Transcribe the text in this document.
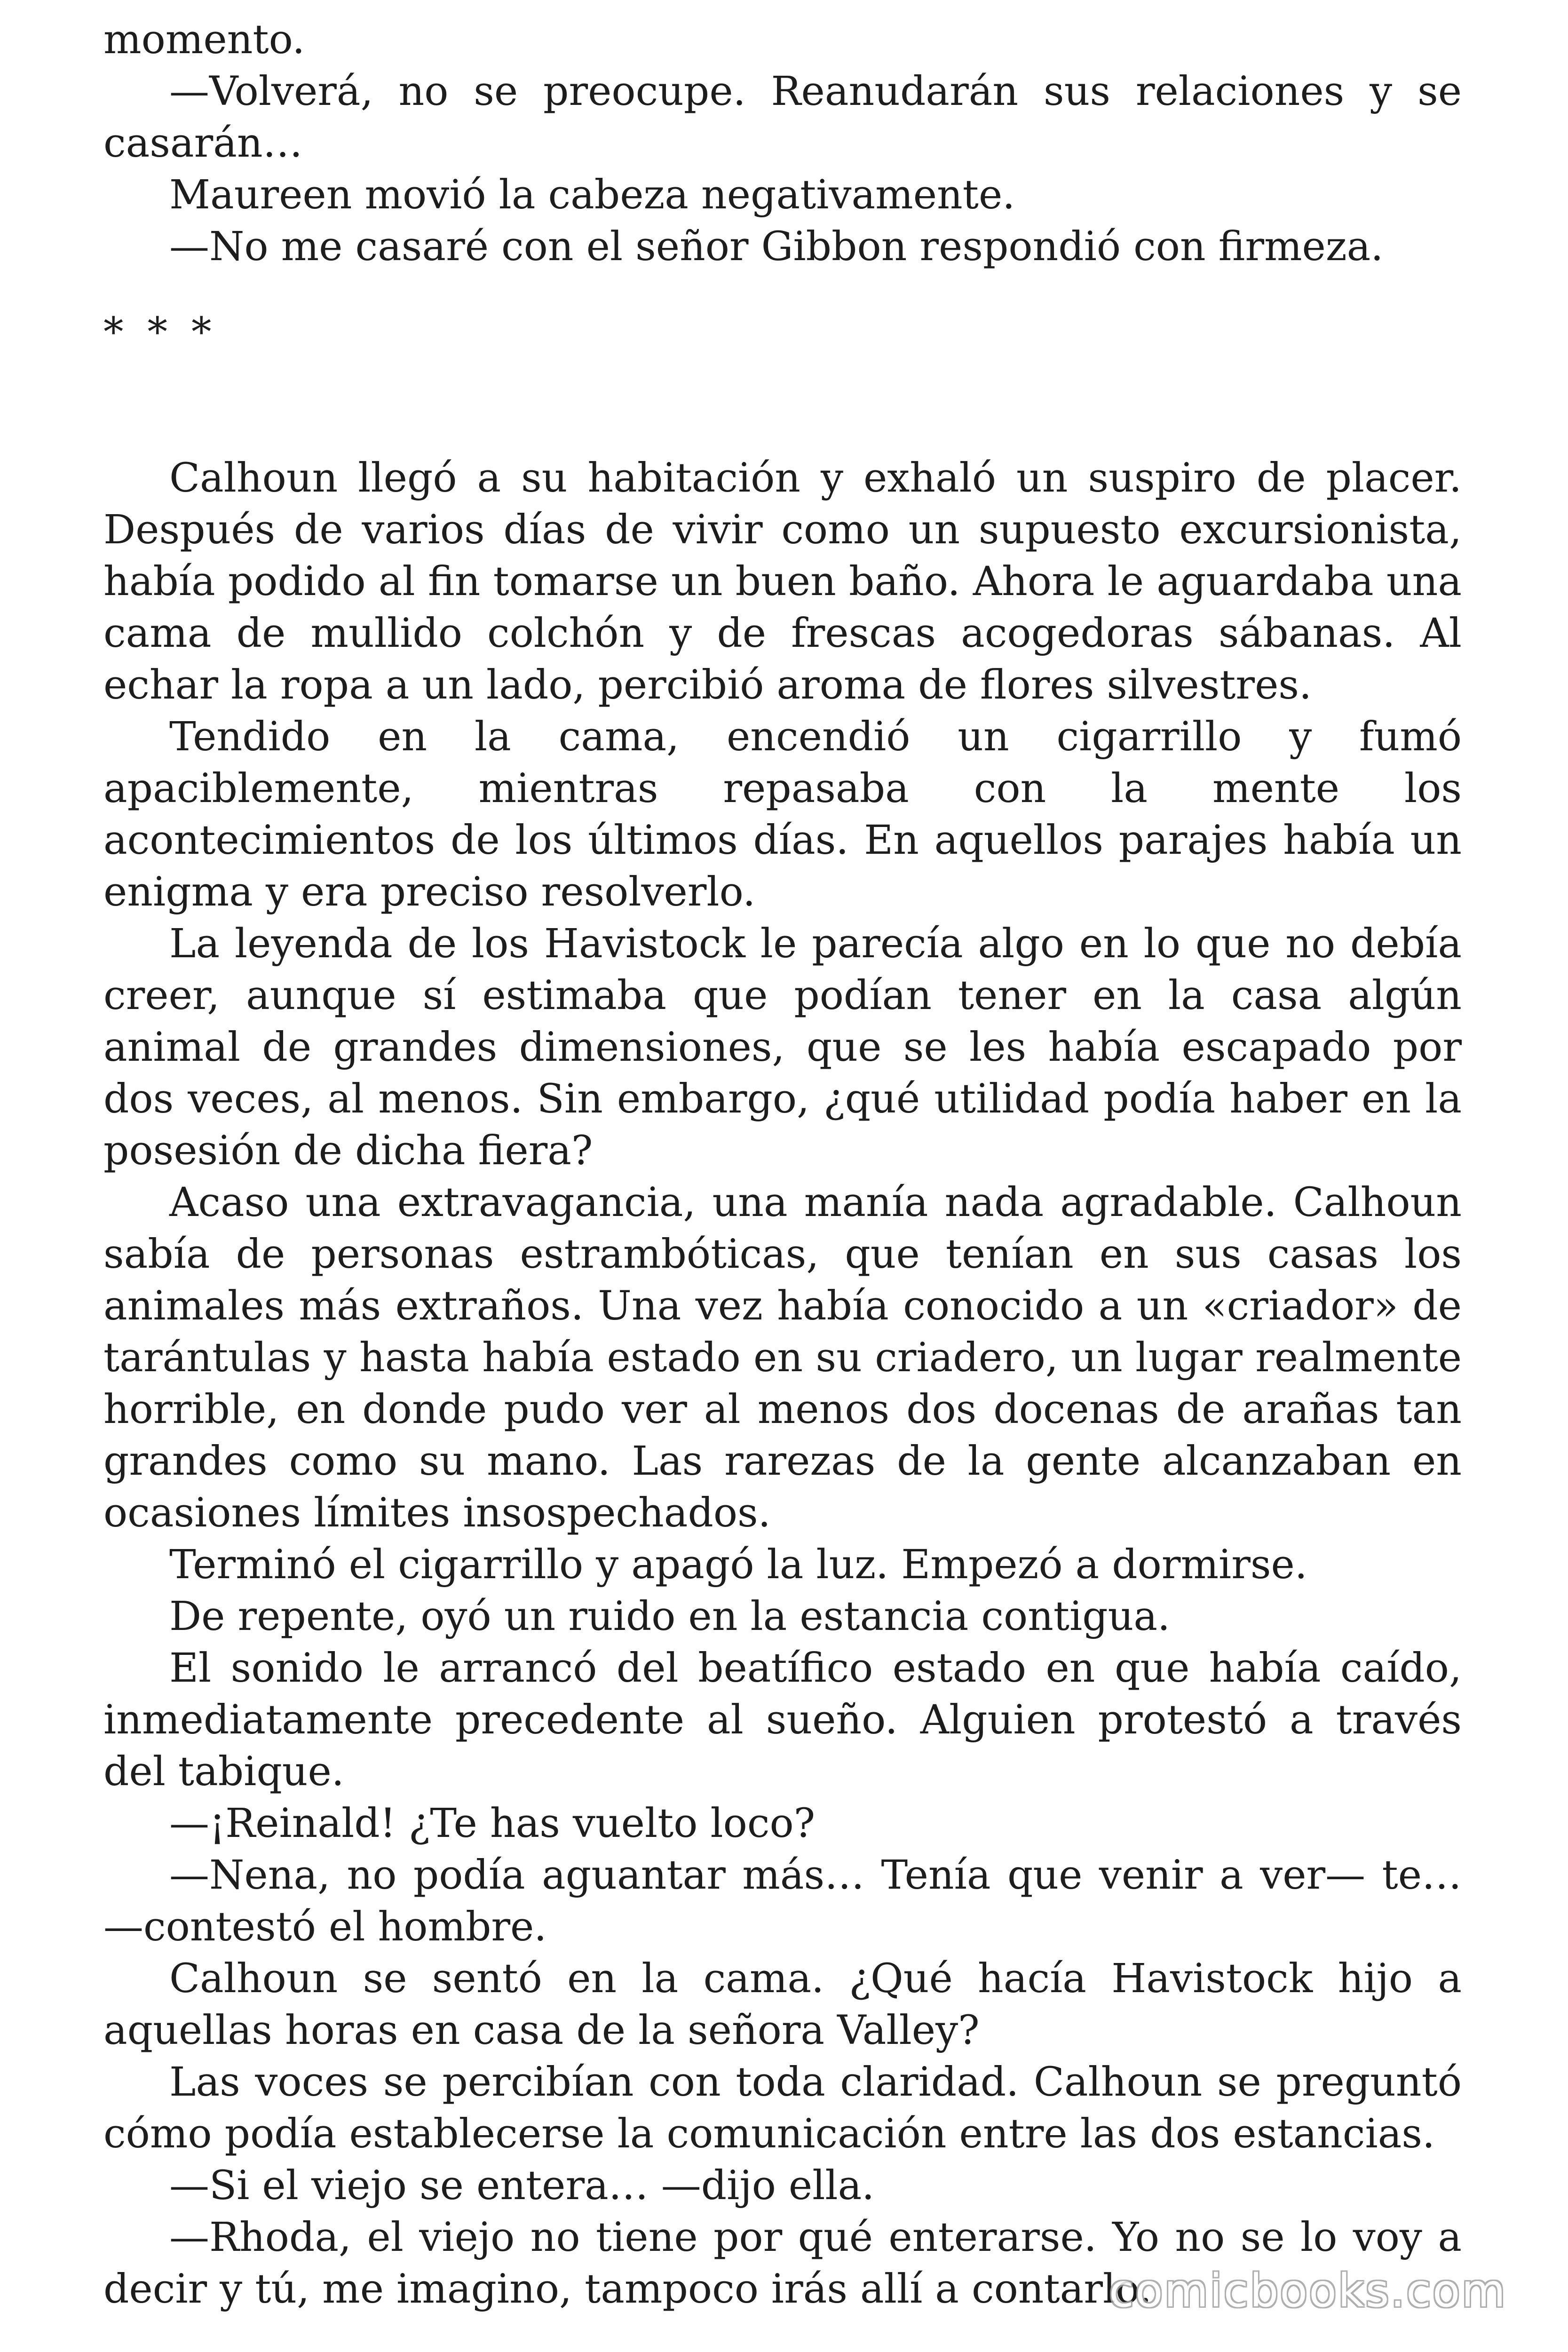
momento.

—Volverá, no se preocupe. Reanudarán sus relaciones y se casarán…

Maureen movió la cabeza negativamente.

—No me casaré con el señor Gibbon respondió con firmeza.

* * *

Calhoun llegó a su habitación y exhaló un suspiro de placer. Después de varios días de vivir como un supuesto excursionista, había podido al fin tomarse un buen baño. Ahora le aguardaba una cama de mullido colchón y de frescas acogedoras sábanas. Al echar la ropa a un lado, percibió aroma de flores silvestres.

Tendido en la cama, encendió un cigarrillo y fumó apaciblemente, mientras repasaba con la mente los acontecimientos de los últimos días. En aquellos parajes había un enigma y era preciso resolverlo.

La leyenda de los Havistock le parecía algo en lo que no debía creer, aunque sí estimaba que podían tener en la casa algún animal de grandes dimensiones, que se les había escapado por dos veces, al menos. Sin embargo, ¿qué utilidad podía haber en la posesión de dicha fiera?

Acaso una extravagancia, una manía nada agradable. Calhoun sabía de personas estrambóticas, que tenían en sus casas los animales más extraños. Una vez había conocido a un «criador» de tarántulas y hasta había estado en su criadero, un lugar realmente horrible, en donde pudo ver al menos dos docenas de arañas tan grandes como su mano. Las rarezas de la gente alcanzaban en ocasiones límites insospechados.

Terminó el cigarrillo y apagó la luz. Empezó a dormirse.

De repente, oyó un ruido en la estancia contigua.

El sonido le arrancó del beatífico estado en que había caído, inmediatamente precedente al sueño. Alguien protestó a través del tabique.

—¡Reinald! ¿Te has vuelto loco?

—Nena, no podía aguantar más… Tenía que venir a ver— te… —contestó el hombre.

Calhoun se sentó en la cama. ¿Qué hacía Havistock hijo a aquellas horas en casa de la señora Valley?

Las voces se percibían con toda claridad. Calhoun se preguntó cómo podía establecerse la comunicación entre las dos estancias.

—Si el viejo se entera… —dijo ella.

—Rhoda, el viejo no tiene por qué enterarse. Yo no se lo voy a decir y tú, me imagino, tampoco irás allí a contarlo.

comicbooks.com
